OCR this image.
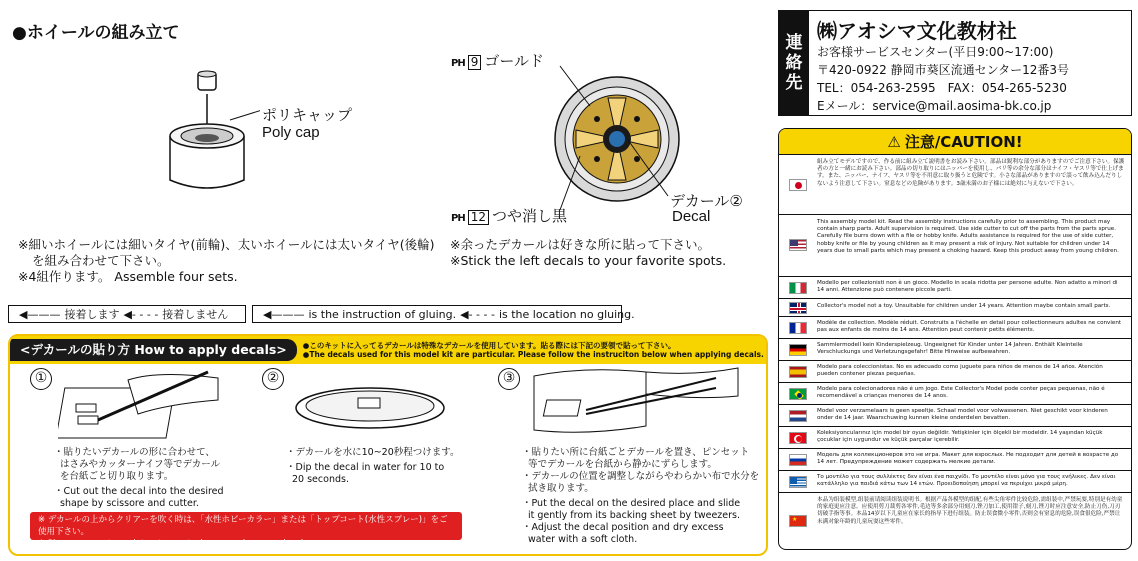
●ホイールの組み立て
ポリキャップ
Poly cap
PH 9 ゴールド
PH 12 つや消し黒
デカール②
Decal
※細いホイールには細いタイヤ(前輪)、太いホイールには太いタイヤ(後輪)
を組み合わせて下さい。
※4組作ります。 Assemble four sets.
※余ったデカールは好きな所に貼って下さい。
※Stick the left decals to your favorite spots.
◀——— 接着します ◀- - - - 接着しません	◀——— is the instruction of gluing. ◀- - - - is the location no gluing.
<デカールの貼り方 How to apply decals>	●このキットに入ってるデカールは特殊なデカールを使用しています。貼る際には下記の要領で貼って下さい。
●The decals used for this model kit are particular. Please follow the instruciton below when applying decals.
①
・貼りたいデカールの形に合わせて、
はさみやカッターナイフ等でデカール
を台紙ごと切り取ります。
・Cut out the decal into the desired
shape by scissore and cutter.
②
・デカールを水に10~20秒程つけます。
・Dip the decal in water for 10 to
20 seconds.
③
・貼りたい所に台紙ごとデカールを置き、ピンセット
等でデカールを台紙から静かにずらします。
・デカールの位置を調整しながらやわらかい布で水分を
拭き取ります。
・Put the decal on the desired place and slide
it gently from its backing sheet by tweezers.
・Adjust the decal position and dry excess
water with a soft cloth.
※ デカールの上からクリアーを吹く時は、「水性ホビーカラー」または「トップコート(水性スプレー)」をご使用下さい。
※ Please use water paint or topcoat when spraying over decals.
連
絡
先
㈱アオシマ文化教材社
お客様サービスセンター(平日9:00~17:00)
〒420-0922 静岡市葵区流通センター12番3号
TEL：054-263-2595　FAX：054-265-5230
Eメール：service@mail.aosima-bk.co.jp
⚠ 注意/CAUTION!
組み立てモデルですので、作る前に組み立て説明書をお読み下さい。部品は鋭利な部分がありますのでご注意下さい。保護者の方と一緒にお読み下さい。部品の切り取りにはニッパーを使用し、バリ等の余分な部分はナイフ・ヤスリ等で仕上げます。また、ニッパー、ナイフ、ヤスリ等を不用意に取り扱うと危険です。小さな部品がありますので誤って飲み込んだりしないよう注意して下さい。窒息などの危険があります。3歳未満のお子様には絶対に与えないで下さい。
This assembly model kit. Read the assembly instructions carefully prior to assembling. This product may contain sharp parts. Adult supervision is required. Use side cutter to cut off the parts from the parts sprue. Carefully file burrs down with a file or hobby knife. Adults assistance is required for the use of side cutter, hobby knife or file by young children as it may present a risk of injury. Not suitable for children under 14 years due to small parts which may present a choking hazard. Keep this product away from young children.
Modello per collezionisti non è un gioco. Modello in scala ridotta per persone adulte. Non adatto a minori di 14 anni. Attenzione può contenere piccole parti.
Collector's model not a toy. Unsuitable for children under 14 years. Attention maybe contain small parts.
Modèle de collection. Modèle réduit. Construits a l'échelle en detail pour collectionneurs adultes ne convient pas aux enfants de moins de 14 ans. Attention peut contenir petits éléments.
Sammlermodell kein Kinderspielzeug. Ungeeignet für Kinder unter 14 Jahren. Enthält Kleinteile Verschluckungs und Verletzungsgefahr! Bitte Hinweise aufbewahren.
Modelo para coleccionistas. No es adecuado como juguete para niños de menos de 14 años. Atención pueden contener piezas pequeñas.
Modelo para colecionadores não é um jogo. Este Collector's Model pode conter peças pequenas, não é recomendável a crianças menores de 14 anos.
Model voor verzamelaars is geen speeltje. Schaal model voor volwassenen. Niet geschikt voor kinderen onder de 14 jaar. Waarschuwing kunnen kleine onderdelen bevatten.
Koleksiyoncularınız için model bir oyun değildir. Yetişkinler için ölçekli bir modeldir. 14 yaşından küçük çocuklar için uygundur ve küçük parçalar içerebilir.
Модель для коллекционеров это не игра. Макет для взрослых. Не подходит для детей в возрасте до 14 лет. Предупреждение может содержать мелкие детали.
Το μοντέλο για τους συλλέκτες δεν είναι ένα παιχνίδι. Το μοντέλο είναι μόνο για τους ενήλικες. Δεν είναι κατάλληλο για παιδιά κάτω των 14 ετών. Προειδοποίηση μπορεί να περιέχει μικρά μέρη.
★
本品为组装模型,组装前请阅读组装说明书。根据产品各模型的组配,有些尖角零件比较危险,需组装中,严禁玩耍,特别是有幼童的家庭更应注意。应使用剪刀裁剪各零件,毛边等多余部分用刻刀,锉刀加工,使用钳子,刻刀,锉刀时应注意安全,防止刀伤,刀刃切破手指等事。本品14岁以下儿童应在家长的指导下进行组装。防止误食微小零件,否则会有窒息的危险,误食很危险,严禁让未满对象年龄的儿童玩耍这些零件。
